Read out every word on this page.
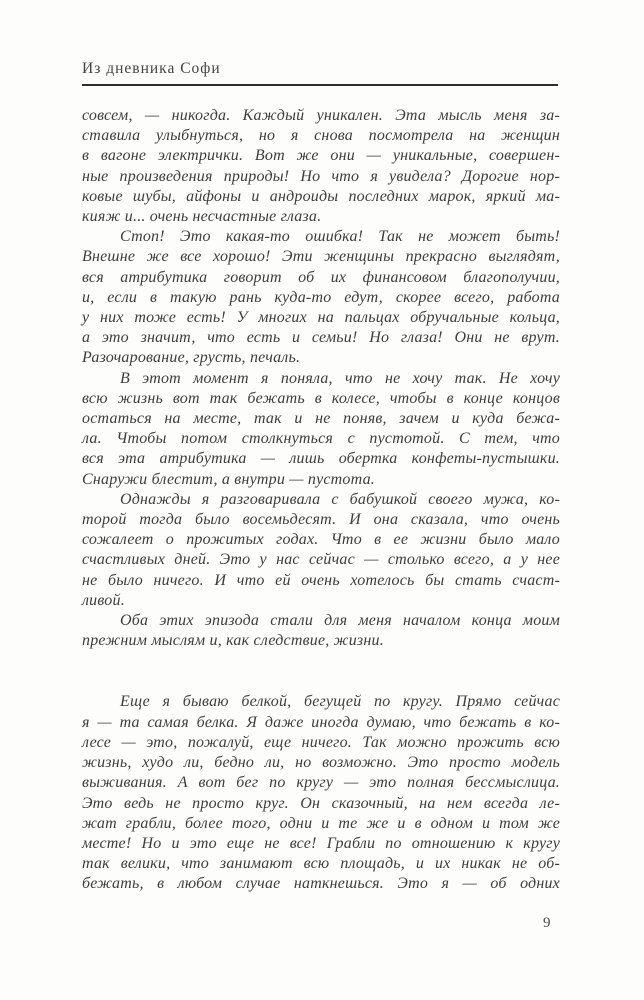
Из дневника Софи
совсем, — никогда. Каждый уникален. Эта мысль меня за-
ставила улыбнуться, но я снова посмотрела на женщин
в вагоне электрички. Вот же они — уникальные, совершен-
ные произведения природы! Но что я увидела? Дорогие нор-
ковые шубы, айфоны и андроиды последних марок, яркий ма-
кияж и... очень несчастные глаза.
Стоп! Это какая-то ошибка! Так не может быть!
Внешне же все хорошо! Эти женщины прекрасно выглядят,
вся атрибутика говорит об их финансовом благополучии,
и, если в такую рань куда-то едут, скорее всего, работа
у них тоже есть! У многих на пальцах обручальные кольца,
а это значит, что есть и семьи! Но глаза! Они не врут.
Разочарование, грусть, печаль.
В этот момент я поняла, что не хочу так. Не хочу
всю жизнь вот так бежать в колесе, чтобы в конце концов
остаться на месте, так и не поняв, зачем и куда бежа-
ла. Чтобы потом столкнуться с пустотой. С тем, что
вся эта атрибутика — лишь обертка конфеты-пустышки.
Снаружи блестит, а внутри — пустота.
Однажды я разговаривала с бабушкой своего мужа, ко-
торой тогда было восемьдесят. И она сказала, что очень
сожалеет о прожитых годах. Что в ее жизни было мало
счастливых дней. Это у нас сейчас — столько всего, а у нее
не было ничего. И что ей очень хотелось бы стать счаст-
ливой.
Оба этих эпизода стали для меня началом конца моим
прежним мыслям и, как следствие, жизни.
Еще я бываю белкой, бегущей по кругу. Прямо сейчас
я — та самая белка. Я даже иногда думаю, что бежать в ко-
лесе — это, пожалуй, еще ничего. Так можно прожить всю
жизнь, худо ли, бедно ли, но возможно. Это просто модель
выживания. А вот бег по кругу — это полная бессмыслица.
Это ведь не просто круг. Он сказочный, на нем всегда ле-
жат грабли, более того, одни и те же и в одном и том же
месте! Но и это еще не все! Грабли по отношению к кругу
так велики, что занимают всю площадь, и их никак не об-
бежать, в любом случае наткнешься. Это я — об одних
9
